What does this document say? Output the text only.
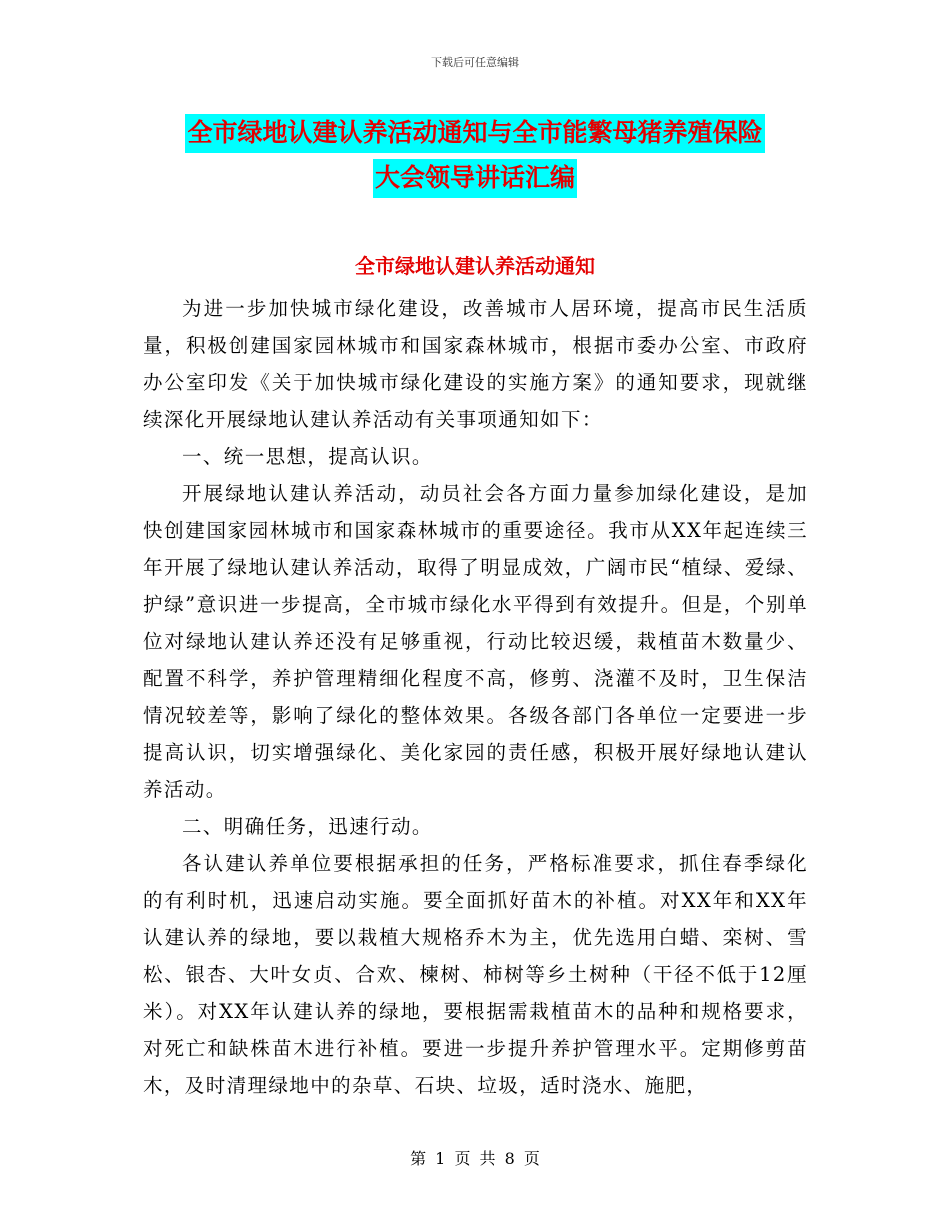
下载后可任意编辑
全市绿地认建认养活动通知与全市能繁母猪养殖保险
大会领导讲话汇编
全市绿地认建认养活动通知

为进一步加快城市绿化建设，改善城市人居环境，提高市民生活质量，积极创建国家园林城市和国家森林城市，根据市委办公室、市政府办公室印发《关于加快城市绿化建设的实施方案》的通知要求，现就继续深化开展绿地认建认养活动有关事项通知如下：

一、统一思想，提高认识。

开展绿地认建认养活动，动员社会各方面力量参加绿化建设，是加快创建国家园林城市和国家森林城市的重要途径。我市从XX年起连续三年开展了绿地认建认养活动，取得了明显成效，广阔市民“植绿、爱绿、护绿”意识进一步提高，全市城市绿化水平得到有效提升。但是，个别单位对绿地认建认养还没有足够重视，行动比较迟缓，栽植苗木数量少、配置不科学，养护管理精细化程度不高，修剪、浇灌不及时，卫生保洁情况较差等，影响了绿化的整体效果。各级各部门各单位一定要进一步提高认识，切实增强绿化、美化家园的责任感，积极开展好绿地认建认养活动。

二、明确任务，迅速行动。

各认建认养单位要根据承担的任务，严格标准要求，抓住春季绿化的有利时机，迅速启动实施。要全面抓好苗木的补植。对XX年和XX年认建认养的绿地，要以栽植大规格乔木为主，优先选用白蜡、栾树、雪松、银杏、大叶女贞、合欢、楝树、柿树等乡土树种（干径不低于12厘米）。对XX年认建认养的绿地，要根据需栽植苗木的品种和规格要求，对死亡和缺株苗木进行补植。要进一步提升养护管理水平。定期修剪苗木，及时清理绿地中的杂草、石块、垃圾，适时浇水、施肥，

第 1 页 共 8 页
